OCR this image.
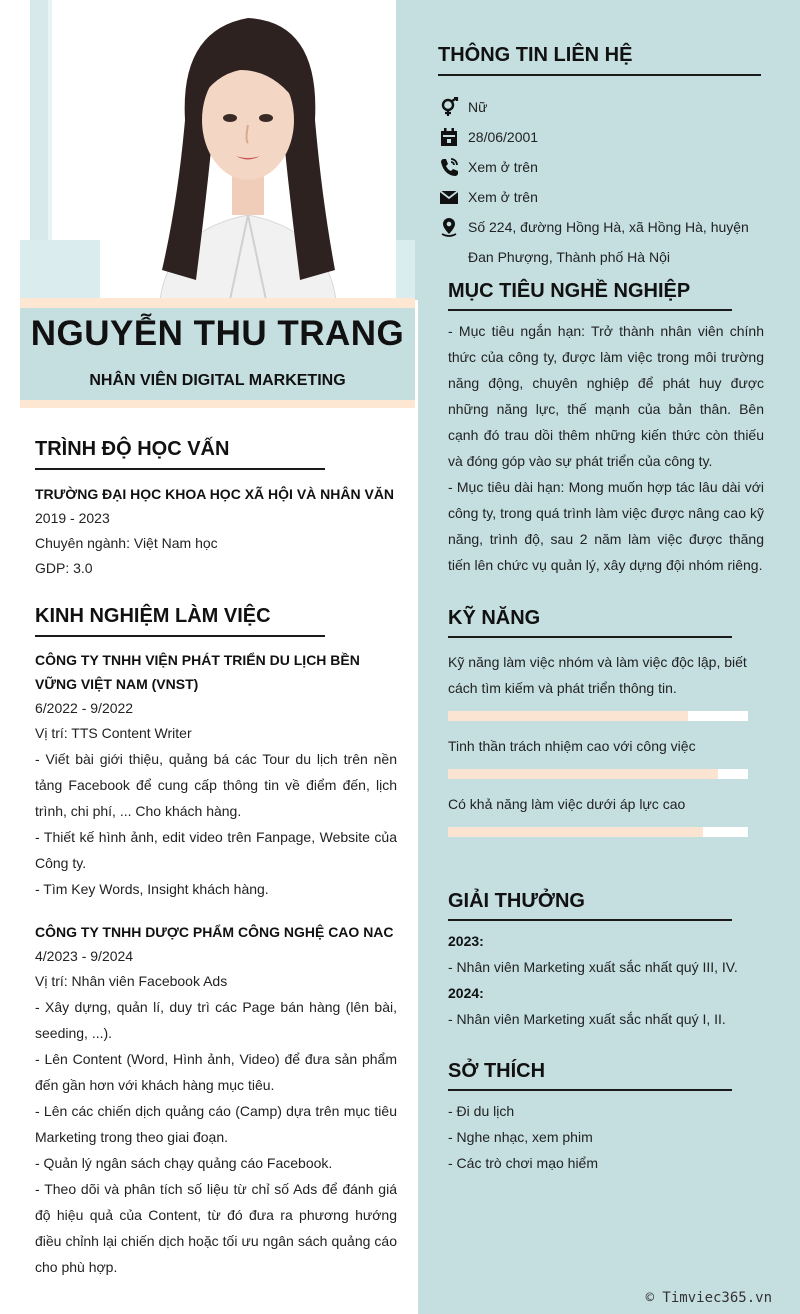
NGUYỄN THU TRANG
NHÂN VIÊN DIGITAL MARKETING
TRÌNH ĐỘ HỌC VẤN
TRƯỜNG ĐẠI HỌC KHOA HỌC XÃ HỘI VÀ NHÂN VĂN
2019 - 2023
Chuyên ngành: Việt Nam học
GDP: 3.0
KINH NGHIỆM LÀM VIỆC
CÔNG TY TNHH VIỆN PHÁT TRIỂN DU LỊCH BỀN VỮNG VIỆT NAM (VNST)
6/2022 - 9/2022
Vị trí: TTS Content Writer
- Viết bài giới thiệu, quảng bá các Tour du lịch trên nền tảng Facebook để cung cấp thông tin về điểm đến, lịch trình, chi phí, ... Cho khách hàng.
- Thiết kế hình ảnh, edit video trên Fanpage, Website của Công ty.
- Tìm Key Words, Insight khách hàng.
CÔNG TY TNHH DƯỢC PHẨM CÔNG NGHỆ CAO NAC
4/2023 - 9/2024
Vị trí: Nhân viên Facebook Ads
- Xây dựng, quản lí, duy trì các Page bán hàng (lên bài, seeding, ...).
- Lên Content (Word, Hình ảnh, Video) để đưa sản phẩm đến gần hơn với khách hàng mục tiêu.
- Lên các chiến dịch quảng cáo (Camp) dựa trên mục tiêu Marketing trong theo giai đoạn.
- Quản lý ngân sách chạy quảng cáo Facebook.
- Theo dõi và phân tích số liệu từ chỉ số Ads để đánh giá độ hiệu quả của Content, từ đó đưa ra phương hướng điều chỉnh lại chiến dịch hoặc tối ưu ngân sách quảng cáo cho phù hợp.
THÔNG TIN LIÊN HỆ
Nữ
28/06/2001
Xem ở trên
Xem ở trên
Số 224, đường Hồng Hà, xã Hồng Hà, huyện
Đan Phượng, Thành phố Hà Nội
MỤC TIÊU NGHỀ NGHIỆP
- Mục tiêu ngắn hạn: Trở thành nhân viên chính thức của công ty, được làm việc trong môi trường năng động, chuyên nghiệp để phát huy được những năng lực, thế mạnh của bản thân. Bên cạnh đó trau dồi thêm những kiến thức còn thiếu và đóng góp vào sự phát triển của công ty.
- Mục tiêu dài hạn: Mong muốn hợp tác lâu dài với công ty, trong quá trình làm việc được nâng cao kỹ năng, trình độ, sau 2 năm làm việc được thăng tiến lên chức vụ quản lý, xây dựng đội nhóm riêng.
KỸ NĂNG
Kỹ năng làm việc nhóm và làm việc độc lập, biết cách tìm kiếm và phát triển thông tin.
Tinh thần trách nhiệm cao với công việc
Có khả năng làm việc dưới áp lực cao
GIẢI THƯỞNG
2023:
- Nhân viên Marketing xuất sắc nhất quý III, IV.
2024:
- Nhân viên Marketing xuất sắc nhất quý I, II.
SỞ THÍCH
- Đi du lịch
- Nghe nhạc, xem phim
- Các trò chơi mạo hiểm
© Timviec365.vn
